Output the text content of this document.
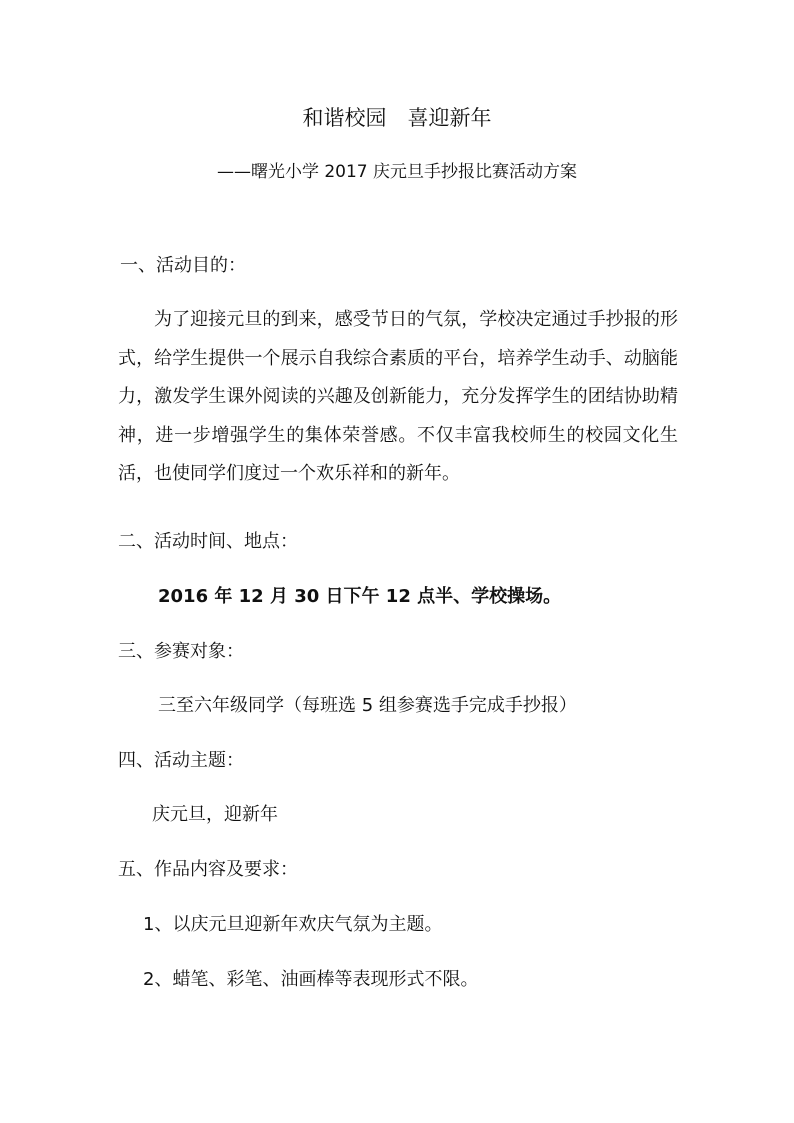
和谐校园　喜迎新年
——曙光小学 2017 庆元旦手抄报比赛活动方案
一、活动目的：
为了迎接元旦的到来，感受节日的气氛，学校决定通过手抄报的形式，给学生提供一个展示自我综合素质的平台，培养学生动手、动脑能力，激发学生课外阅读的兴趣及创新能力，充分发挥学生的团结协助精神，进一步增强学生的集体荣誉感。不仅丰富我校师生的校园文化生活，也使同学们度过一个欢乐祥和的新年。
二、活动时间、地点：
2016 年 12 月 30 日下午 12 点半、学校操场。
三、参赛对象：
三至六年级同学（每班选 5 组参赛选手完成手抄报）
四、活动主题：
庆元旦，迎新年
五、作品内容及要求：
1、以庆元旦迎新年欢庆气氛为主题。
2、蜡笔、彩笔、油画棒等表现形式不限。
